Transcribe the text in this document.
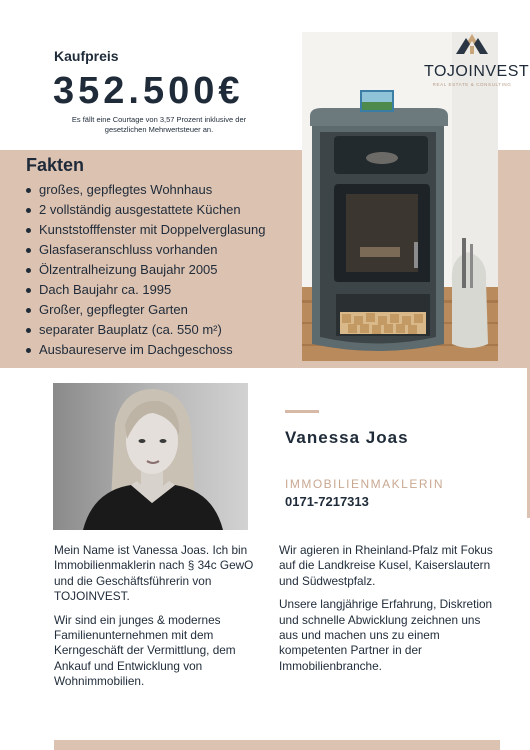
Kaufpreis
352.500€
Es fällt eine Courtage von 3,57 Prozent inklusive der gesetzlichen Mehrwertsteuer an.
Fakten
großes, gepflegtes Wohnhaus
2 vollständig ausgestattete Küchen
Kunststofffenster mit Doppelverglasung
Glasfaseranschluss vorhanden
Ölzentralheizung Baujahr 2005
Dach Baujahr ca. 1995
Großer, gepflegter Garten
separater Bauplatz (ca. 550 m²)
Ausbaureserve im Dachgeschoss
TOJOINVEST
REAL ESTATE & CONSULTING
Vanessa Joas
IMMOBILIENMAKLERIN
0171-7217313

Mein Name ist Vanessa Joas. Ich bin Immobilienmaklerin nach § 34c GewO und die Geschäftsführerin von TOJOINVEST.

Wir sind ein junges & modernes Familienunternehmen mit dem Kerngeschäft der Vermittlung, dem Ankauf und Entwicklung von Wohnimmobilien.

Wir agieren in Rheinland-Pfalz mit Fokus auf die Landkreise Kusel, Kaiserslautern und Südwestpfalz.

Unsere langjährige Erfahrung, Diskretion und schnelle Abwicklung zeichnen uns aus und machen uns zu einem kompetenten Partner in der Immobilienbranche.
